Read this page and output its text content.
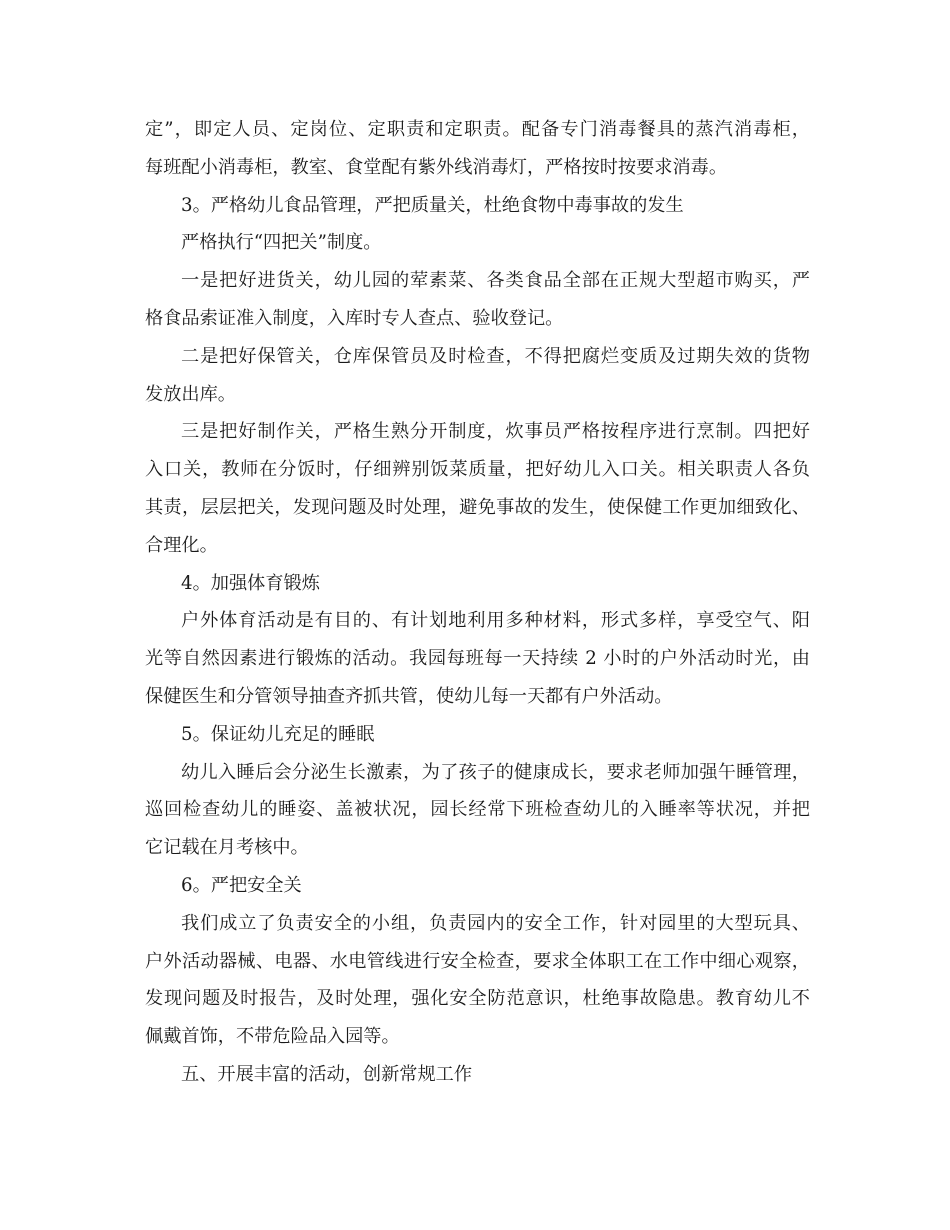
定”，即定人员、定岗位、定职责和定职责。配备专门消毒餐具的蒸汽消毒柜，
每班配小消毒柜，教室、食堂配有紫外线消毒灯，严格按时按要求消毒。
3。严格幼儿食品管理，严把质量关，杜绝食物中毒事故的发生
严格执行“四把关”制度。
一是把好进货关，幼儿园的荤素菜、各类食品全部在正规大型超市购买，严
格食品索证准入制度，入库时专人查点、验收登记。
二是把好保管关，仓库保管员及时检查，不得把腐烂变质及过期失效的货物
发放出库。
三是把好制作关，严格生熟分开制度，炊事员严格按程序进行烹制。四把好
入口关，教师在分饭时，仔细辨别饭菜质量，把好幼儿入口关。相关职责人各负
其责，层层把关，发现问题及时处理，避免事故的发生，使保健工作更加细致化、
合理化。
4。加强体育锻炼
户外体育活动是有目的、有计划地利用多种材料，形式多样，享受空气、阳
光等自然因素进行锻炼的活动。我园每班每一天持续 2 小时的户外活动时光，由
保健医生和分管领导抽查齐抓共管，使幼儿每一天都有户外活动。
5。保证幼儿充足的睡眠
幼儿入睡后会分泌生长激素，为了孩子的健康成长，要求老师加强午睡管理，
巡回检查幼儿的睡姿、盖被状况，园长经常下班检查幼儿的入睡率等状况，并把
它记载在月考核中。
6。严把安全关
我们成立了负责安全的小组，负责园内的安全工作，针对园里的大型玩具、
户外活动器械、电器、水电管线进行安全检查，要求全体职工在工作中细心观察，
发现问题及时报告，及时处理，强化安全防范意识，杜绝事故隐患。教育幼儿不
佩戴首饰，不带危险品入园等。
五、开展丰富的活动，创新常规工作
